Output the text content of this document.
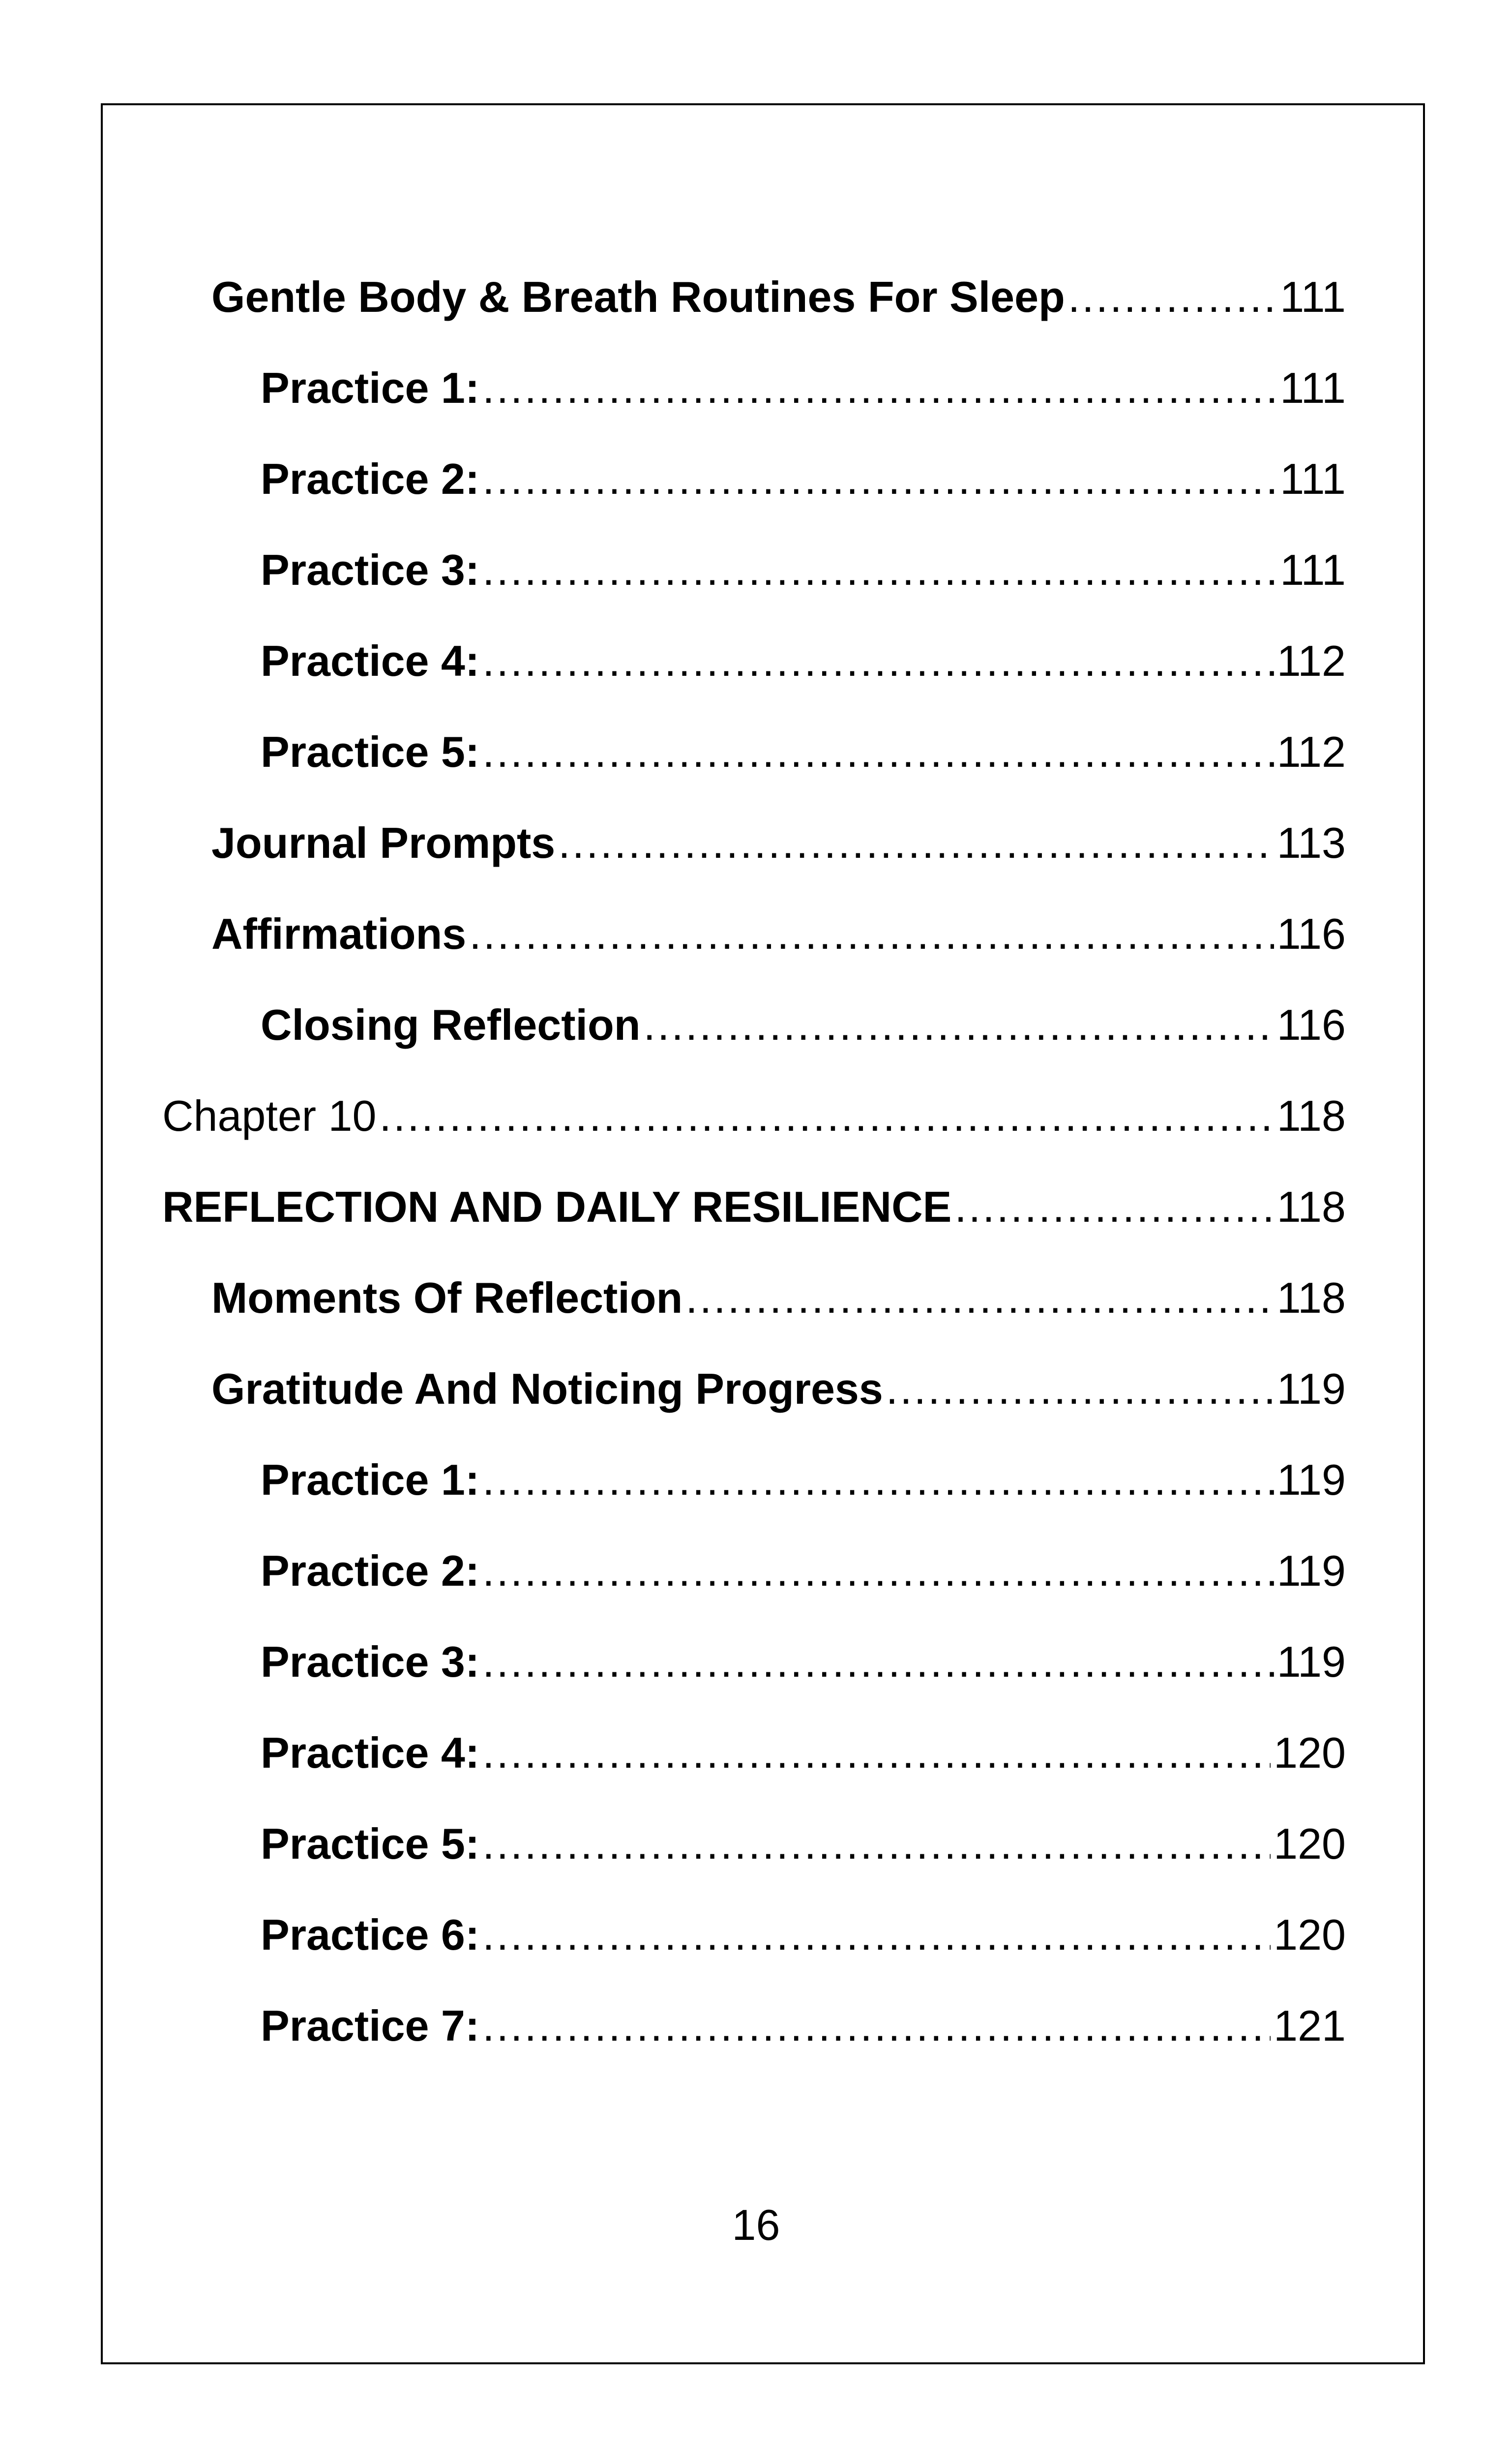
Gentle Body & Breath Routines For Sleep .....	111
Practice 1: .....	111
Practice 2: .....	111
Practice 3: .....	111
Practice 4: .....	112
Practice 5: .....	112
Journal Prompts .....	113
Affirmations .....	116
Closing Reflection .....	116
Chapter 10 .....	118
REFLECTION AND DAILY RESILIENCE .....	118
Moments Of Reflection .....	118
Gratitude And Noticing Progress .....	119
Practice 1: .....	119
Practice 2: .....	119
Practice 3: .....	119
Practice 4: .....	120
Practice 5: .....	120
Practice 6: .....	120
Practice 7: .....	121
16
